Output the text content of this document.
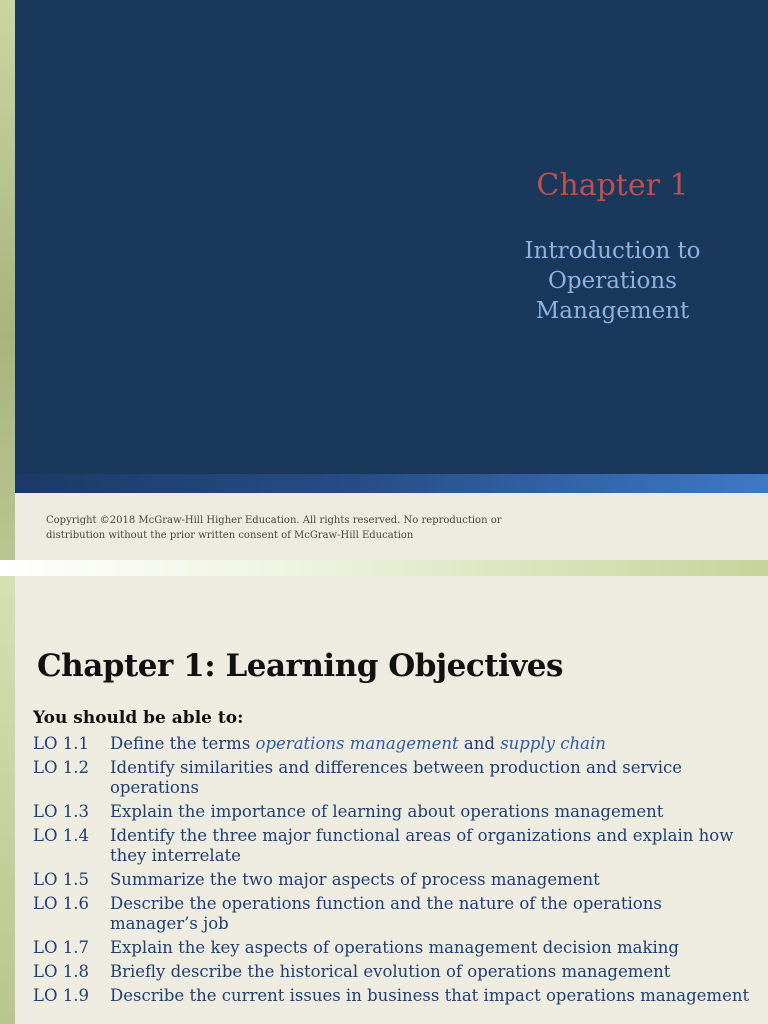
Chapter 1
Introduction to
Operations
Management
Copyright ©2018 McGraw-Hill Higher Education. All rights reserved. No reproduction or
distribution without the prior written consent of McGraw-Hill Education
Chapter 1: Learning Objectives
You should be able to:
LO 1.1	Define the terms operations management and supply chain
LO 1.2	Identify similarities and differences between production and service operations
LO 1.3	Explain the importance of learning about operations management
LO 1.4	Identify the three major functional areas of organizations and explain how they interrelate
LO 1.5	Summarize the two major aspects of process management
LO 1.6	Describe the operations function and the nature of the operations manager’s job
LO 1.7	Explain the key aspects of operations management decision making
LO 1.8	Briefly describe the historical evolution of operations management
LO 1.9	Describe the current issues in business that impact operations management
